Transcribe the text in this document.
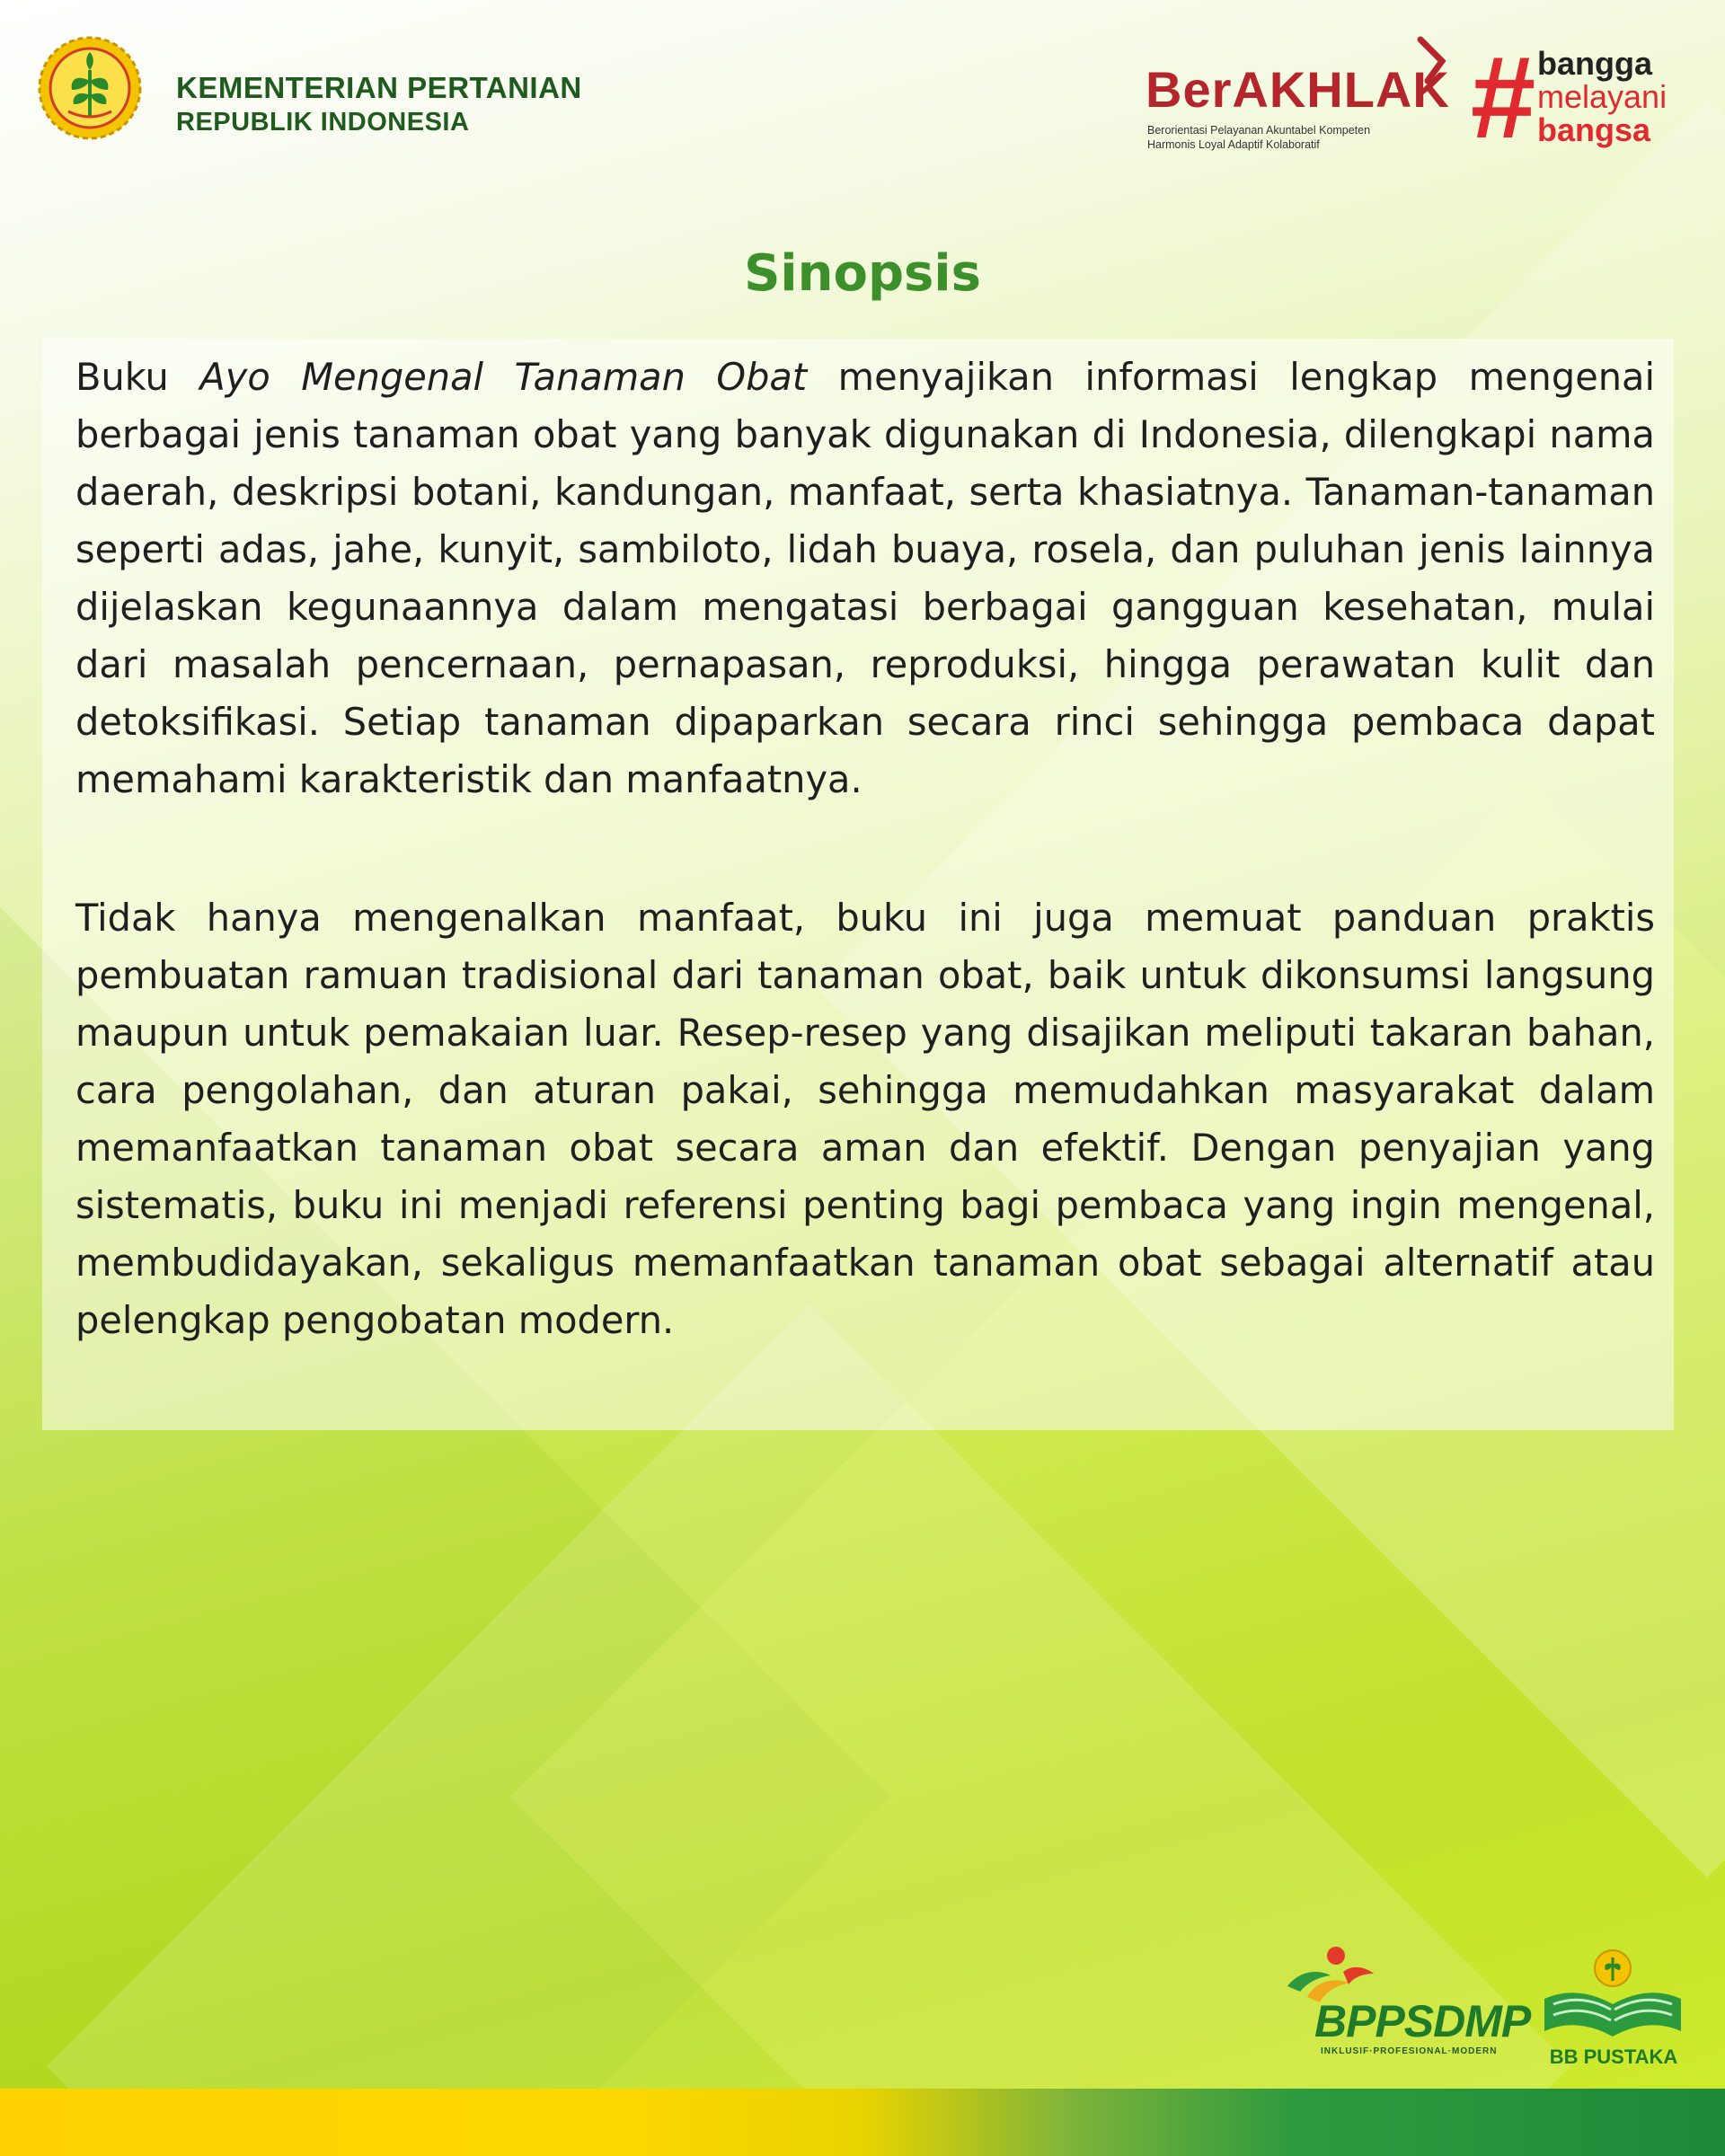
KEMENTERIAN PERTANIAN
REPUBLIK INDONESIA
BerAKHLAK
Berorientasi Pelayanan Akuntabel Kompeten
Harmonis Loyal Adaptif Kolaboratif # bangga
melayani
bangsa
Sinopsis
Buku Ayo Mengenal Tanaman Obat menyajikan informasi lengkap mengenai berbagai jenis tanaman obat yang banyak digunakan di Indonesia, dilengkapi nama daerah, deskripsi botani, kandungan, manfaat, serta khasiatnya. Tanaman-tanaman seperti adas, jahe, kunyit, sambiloto, lidah buaya, rosela, dan puluhan jenis lainnya dijelaskan kegunaannya dalam mengatasi berbagai gangguan kesehatan, mulai dari masalah pencernaan, pernapasan, reproduksi, hingga perawatan kulit dan detoksifikasi. Setiap tanaman dipaparkan secara rinci sehingga pembaca dapat memahami karakteristik dan manfaatnya.
Tidak hanya mengenalkan manfaat, buku ini juga memuat panduan praktis pembuatan ramuan tradisional dari tanaman obat, baik untuk dikonsumsi langsung maupun untuk pemakaian luar. Resep-resep yang disajikan meliputi takaran bahan, cara pengolahan, dan aturan pakai, sehingga memudahkan masyarakat dalam memanfaatkan tanaman obat secara aman dan efektif. Dengan penyajian yang sistematis, buku ini menjadi referensi penting bagi pembaca yang ingin mengenal, membudidayakan, sekaligus memanfaatkan tanaman obat sebagai alternatif atau pelengkap pengobatan modern.
BPPSDMP
INKLUSIF·PROFESIONAL·MODERN	BB PUSTAKA
